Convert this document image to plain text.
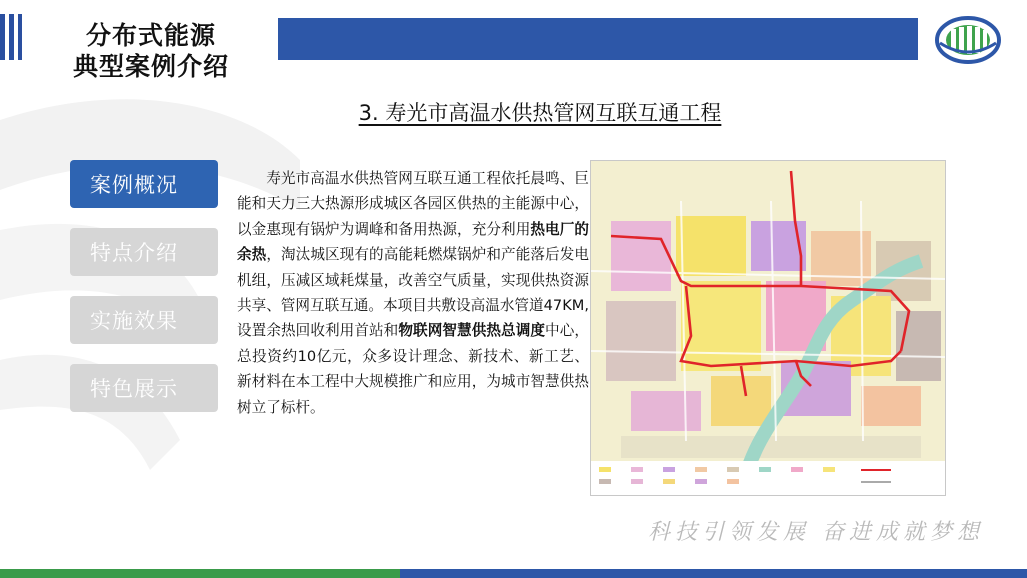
分布式能源
典型案例介绍
3. 寿光市高温水供热管网互联互通工程
案例概况
特点介绍
实施效果
特色展示
寿光市高温水供热管网互联互通工程依托晨鸣、巨能和天力三大热源形成城区各园区供热的主能源中心，以金惠现有锅炉为调峰和备用热源，充分利用热电厂的余热，淘汰城区现有的高能耗燃煤锅炉和产能落后发电机组，压减区域耗煤量，改善空气质量，实现供热资源共享、管网互联互通。本项目共敷设高温水管道47KM,设置余热回收利用首站和物联网智慧供热总调度中心，总投资约10亿元，众多设计理念、新技术、新工艺、新材料在本工程中大规模推广和应用，为城市智慧供热树立了标杆。
科技引领发展 奋进成就梦想
